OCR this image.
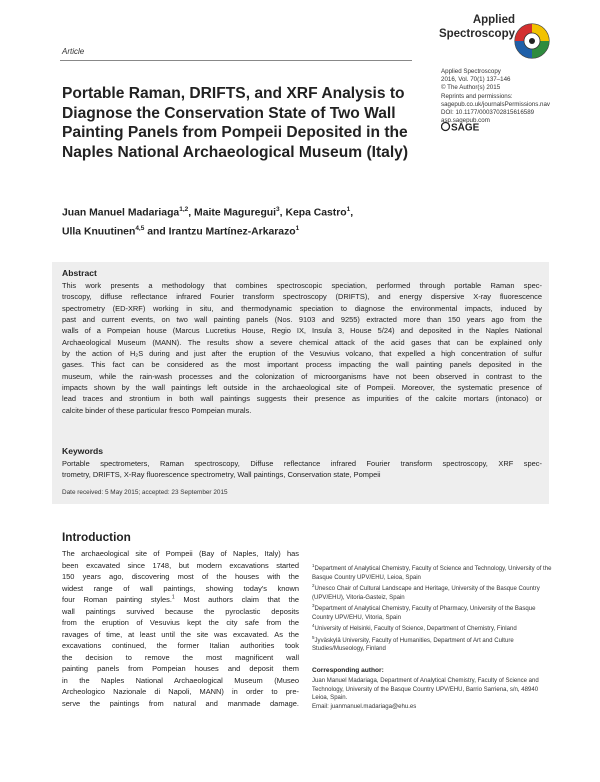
Article
Applied
Spectroscopy
Applied Spectroscopy
2016, Vol. 70(1) 137–146
© The Author(s) 2015
Reprints and permissions:
sagepub.co.uk/journalsPermissions.nav
DOI: 10.1177/0003702815616589
asp.sagepub.com
SAGE
Portable Raman, DRIFTS, and XRF Analysis to Diagnose the Conservation State of Two Wall Painting Panels from Pompeii Deposited in the Naples National Archaeological Museum (Italy)
Juan Manuel Madariaga$^{1,2}$, Maite Maguregui$^3$, Kepa Castro$^1$,
Ulla Knuutinen$^{4,5}$ and Irantzu Martínez-Arkarazo$^1$
Abstract
This work presents a methodology that combines spectroscopic speciation, performed through portable Raman spec-
troscopy, diffuse reflectance infrared Fourier transform spectroscopy (DRIFTS), and energy dispersive X-ray fluorescence
spectrometry (ED-XRF) working in situ, and thermodynamic speciation to diagnose the environmental impacts, induced by
past and current events, on two wall painting panels (Nos. 9103 and 9255) extracted more than 150 years ago from the
walls of a Pompeian house (Marcus Lucretius House, Regio IX, Insula 3, House 5/24) and deposited in the Naples National
Archaeological Museum (MANN). The results show a severe chemical attack of the acid gases that can be explained only
by the action of H₂S during and just after the eruption of the Vesuvius volcano, that expelled a high concentration of sulfur
gases. This fact can be considered as the most important process impacting the wall painting panels deposited in the
museum, while the rain-wash processes and the colonization of microorganisms have not been observed in contrast to the
impacts shown by the wall paintings left outside in the archaeological site of Pompeii. Moreover, the systematic presence of
lead traces and strontium in both wall paintings suggests their presence as impurities of the calcite mortars (intonaco) or
calcite binder of these particular fresco Pompeian murals.
Keywords
Portable spectrometers, Raman spectroscopy, Diffuse reflectance infrared Fourier transform spectroscopy, XRF spec-
trometry, DRIFTS, X-Ray fluorescence spectrometry, Wall paintings, Conservation state, Pompeii
Date received: 5 May 2015; accepted: 23 September 2015
Introduction
The archaeological site of Pompeii (Bay of Naples, Italy) has
been excavated since 1748, but modern excavations started
150 years ago, discovering most of the houses with the
widest range of wall paintings, showing today's known
four Roman painting styles.$^1$ Most authors claim that the
wall paintings survived because the pyroclastic deposits
from the eruption of Vesuvius kept the city safe from the
ravages of time, at least until the site was excavated. As the
excavations continued, the former Italian authorities took
the decision to remove the most magnificent wall
painting panels from Pompeian houses and deposit them
in the Naples National Archaeological Museum (Museo
Archeologico Nazionale di Napoli, MANN) in order to pre-
serve the paintings from natural and manmade damage.
$^1$Department of Analytical Chemistry, Faculty of Science and Technology, University of the Basque Country UPV/EHU, Leioa, Spain
$^2$Unesco Chair of Cultural Landscape and Heritage, University of the Basque Country (UPV/EHU), Vitoria-Gasteiz, Spain
$^3$Department of Analytical Chemistry, Faculty of Pharmacy, University of the Basque Country UPV/EHU, Vitoria, Spain
$^4$University of Helsinki, Faculty of Science, Department of Chemistry, Finland
$^5$Jyväskylä University, Faculty of Humanities, Department of Art and Culture Studies/Museology, Finland
Corresponding author:
Juan Manuel Madariaga, Department of Analytical Chemistry, Faculty of Science and Technology, University of the Basque Country UPV/EHU, Barrio Sarriena, s/n, 48940 Leioa, Spain.
Email: juanmanuel.madariaga@ehu.es
